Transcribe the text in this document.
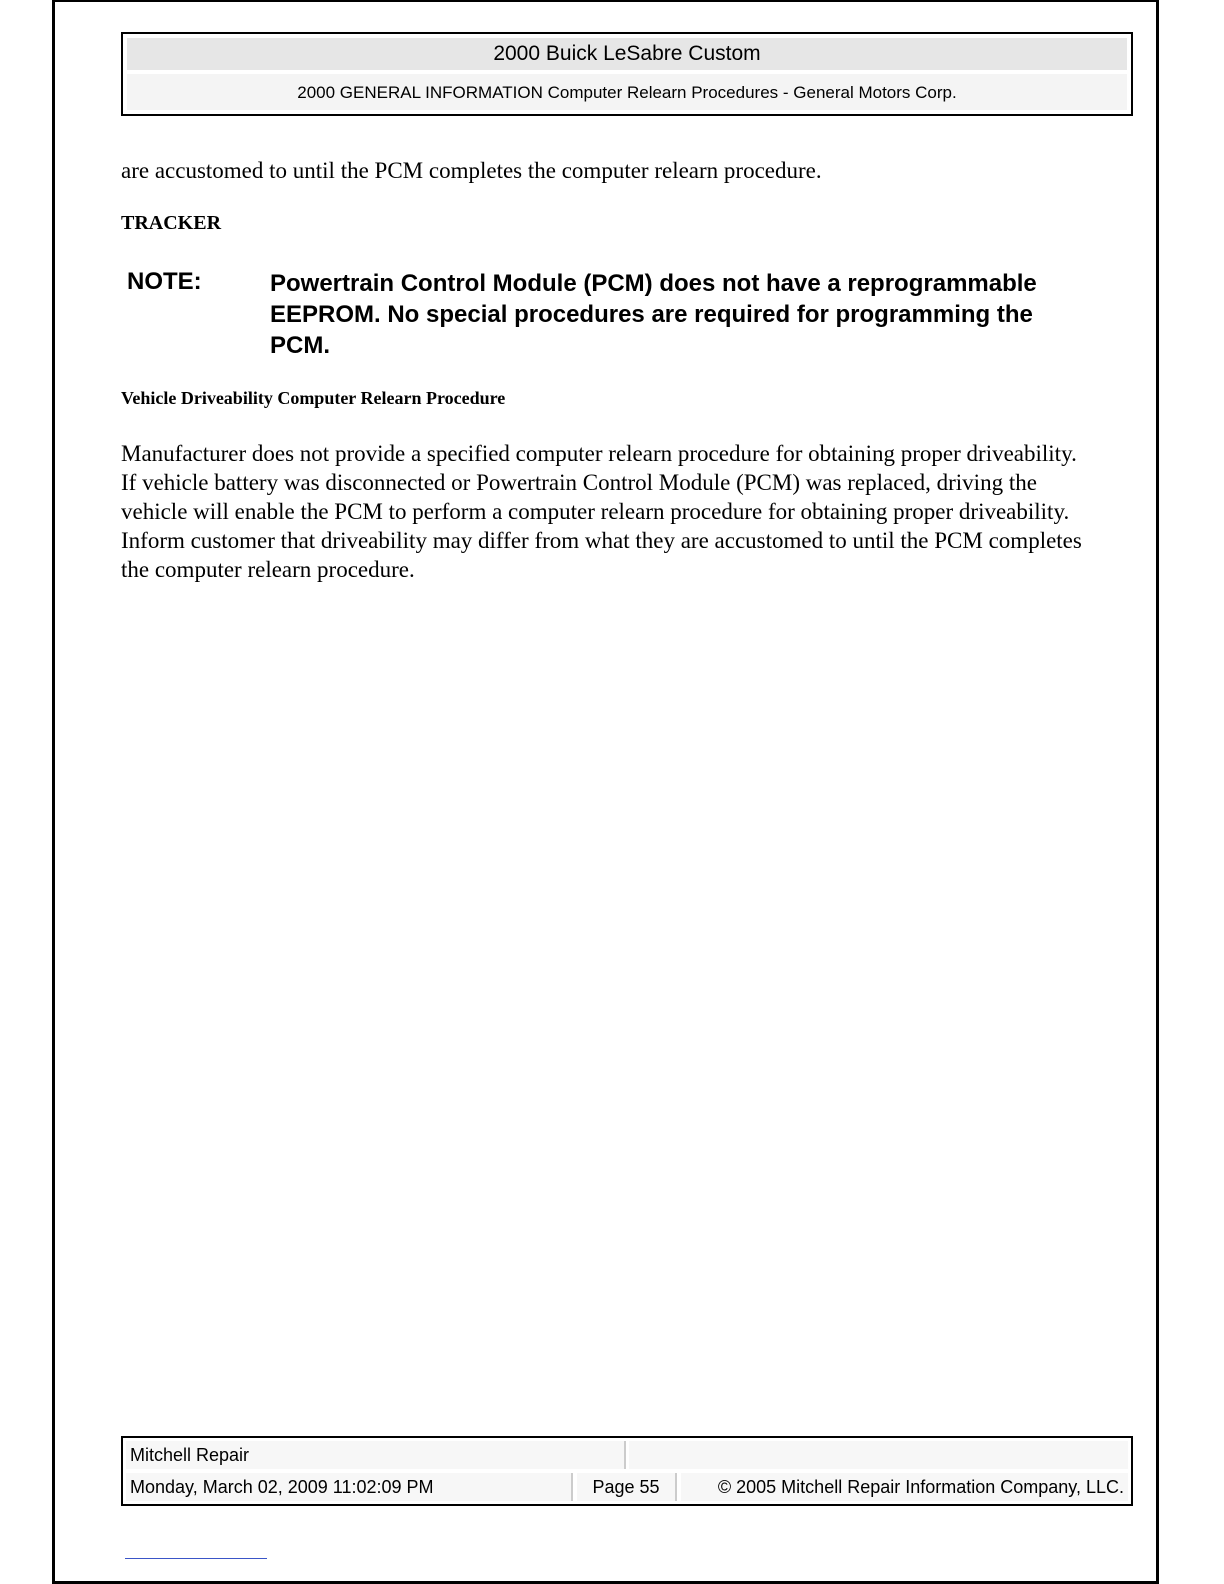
2000 Buick LeSabre Custom
2000 GENERAL INFORMATION Computer Relearn Procedures - General Motors Corp.
are accustomed to until the PCM completes the computer relearn procedure.
TRACKER
NOTE:	Powertrain Control Module (PCM) does not have a reprogrammable EEPROM. No special procedures are required for programming the PCM.
Vehicle Driveability Computer Relearn Procedure
Manufacturer does not provide a specified computer relearn procedure for obtaining proper driveability. If vehicle battery was disconnected or Powertrain Control Module (PCM) was replaced, driving the vehicle will enable the PCM to perform a computer relearn procedure for obtaining proper driveability. Inform customer that driveability may differ from what they are accustomed to until the PCM completes the computer relearn procedure.
Mitchell Repair
Monday, March 02, 2009 11:02:09 PM	Page 55	© 2005 Mitchell Repair Information Company, LLC.
